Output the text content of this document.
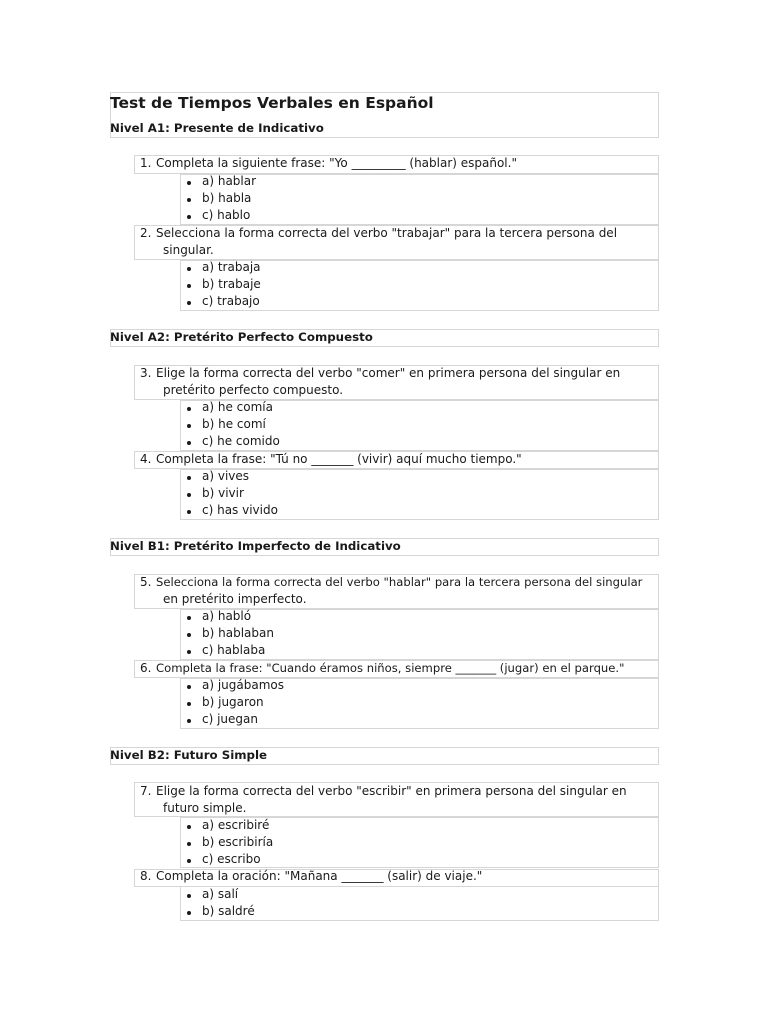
Test de Tiempos Verbales en Español
Nivel A1: Presente de Indicativo
1. Completa la siguiente frase: "Yo _________ (hablar) español."
a) hablar
b) habla
c) hablo
2. Selecciona la forma correcta del verbo "trabajar" para la tercera persona del
singular.
a) trabaja
b) trabaje
c) trabajo
Nivel A2: Pretérito Perfecto Compuesto
3. Elige la forma correcta del verbo "comer" en primera persona del singular en
pretérito perfecto compuesto.
a) he comía
b) he comí
c) he comido
4. Completa la frase: "Tú no _______ (vivir) aquí mucho tiempo."
a) vives
b) vivir
c) has vivido
Nivel B1: Pretérito Imperfecto de Indicativo
5. Selecciona la forma correcta del verbo "hablar" para la tercera persona del singular
en pretérito imperfecto.
a) habló
b) hablaban
c) hablaba
6. Completa la frase: "Cuando éramos niños, siempre _______ (jugar) en el parque."
a) jugábamos
b) jugaron
c) juegan
Nivel B2: Futuro Simple
7. Elige la forma correcta del verbo "escribir" en primera persona del singular en
futuro simple.
a) escribiré
b) escribiría
c) escribo
8. Completa la oración: "Mañana _______ (salir) de viaje."
a) salí
b) saldré
